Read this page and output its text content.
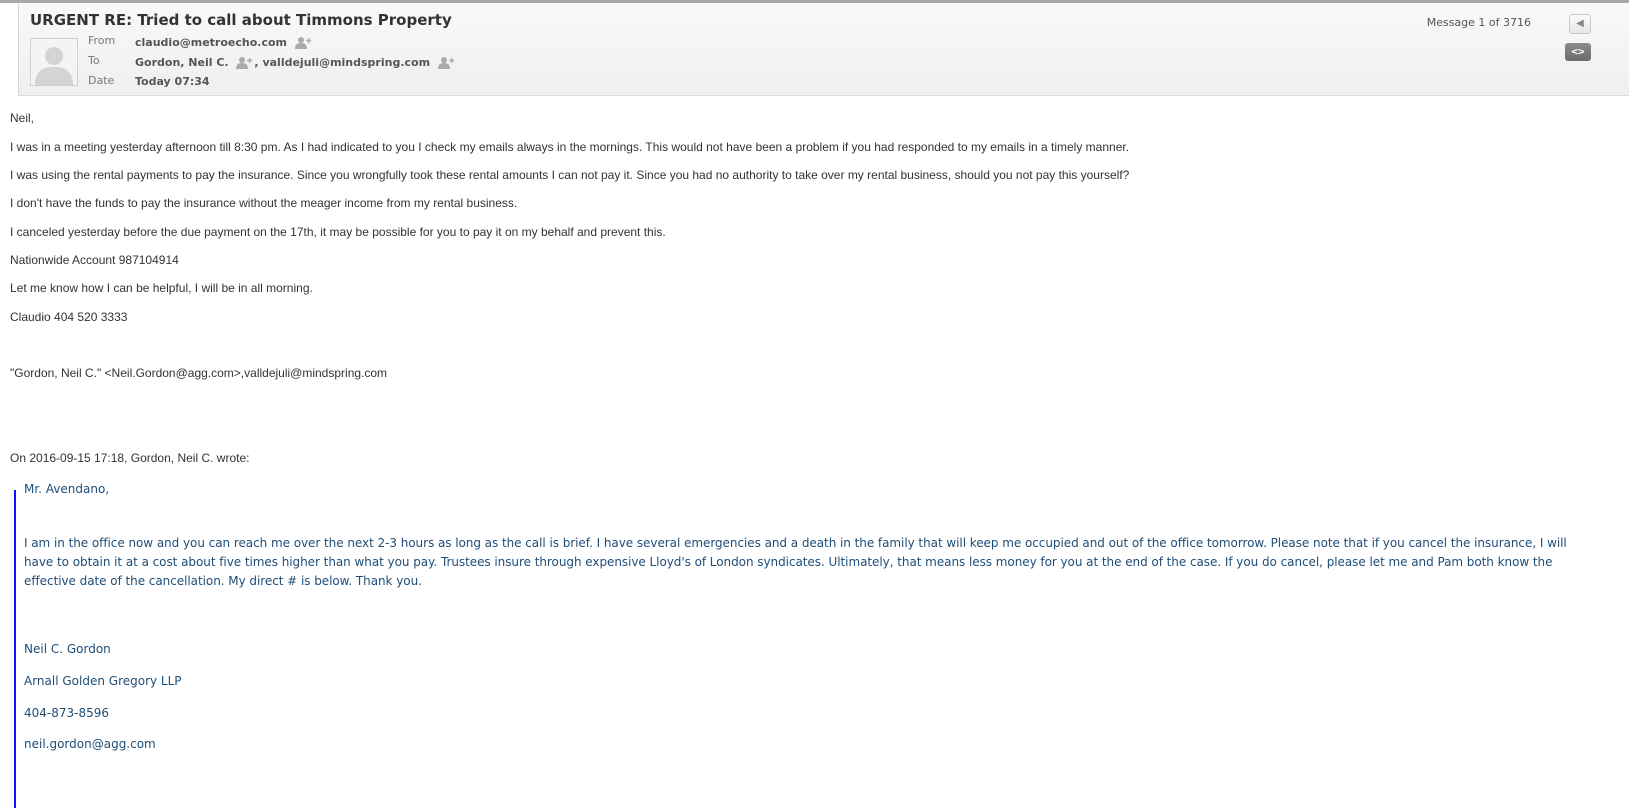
URGENT RE: Tried to call about Timmons Property
From	claudio@metroecho.com
To	Gordon, Neil C. , valldejuli@mindspring.com
Date	Today 07:34
Message 1 of 3716	◀
<>
Neil,
I was in a meeting yesterday afternoon till 8:30 pm. As I had indicated to you I check my emails always in the mornings. This would not have been a problem if you had responded to my emails in a timely manner.
I was using the rental payments to pay the insurance. Since you wrongfully took these rental amounts I can not pay it. Since you had no authority to take over my rental business, should you not pay this yourself?
I don't have the funds to pay the insurance without the meager income from my rental business.
I canceled yesterday before the due payment on the 17th, it may be possible for you to pay it on my behalf and prevent this.
Nationwide Account 987104914
Let me know how I can be helpful, I will be in all morning.
Claudio 404 520 3333
"Gordon, Neil C." <Neil.Gordon@agg.com>,valldejuli@mindspring.com
On 2016-09-15 17:18, Gordon, Neil C. wrote:
Mr. Avendano,
I am in the office now and you can reach me over the next 2-3 hours as long as the call is brief. I have several emergencies and a death in the family that will keep me occupied and out of the office tomorrow. Please note that if you cancel the insurance, I will have to obtain it at a cost about five times higher than what you pay. Trustees insure through expensive Lloyd's of London syndicates. Ultimately, that means less money for you at the end of the case. If you do cancel, please let me and Pam both know the effective date of the cancellation. My direct # is below. Thank you.
Neil C. Gordon
Arnall Golden Gregory LLP
404-873-8596
neil.gordon@agg.com
